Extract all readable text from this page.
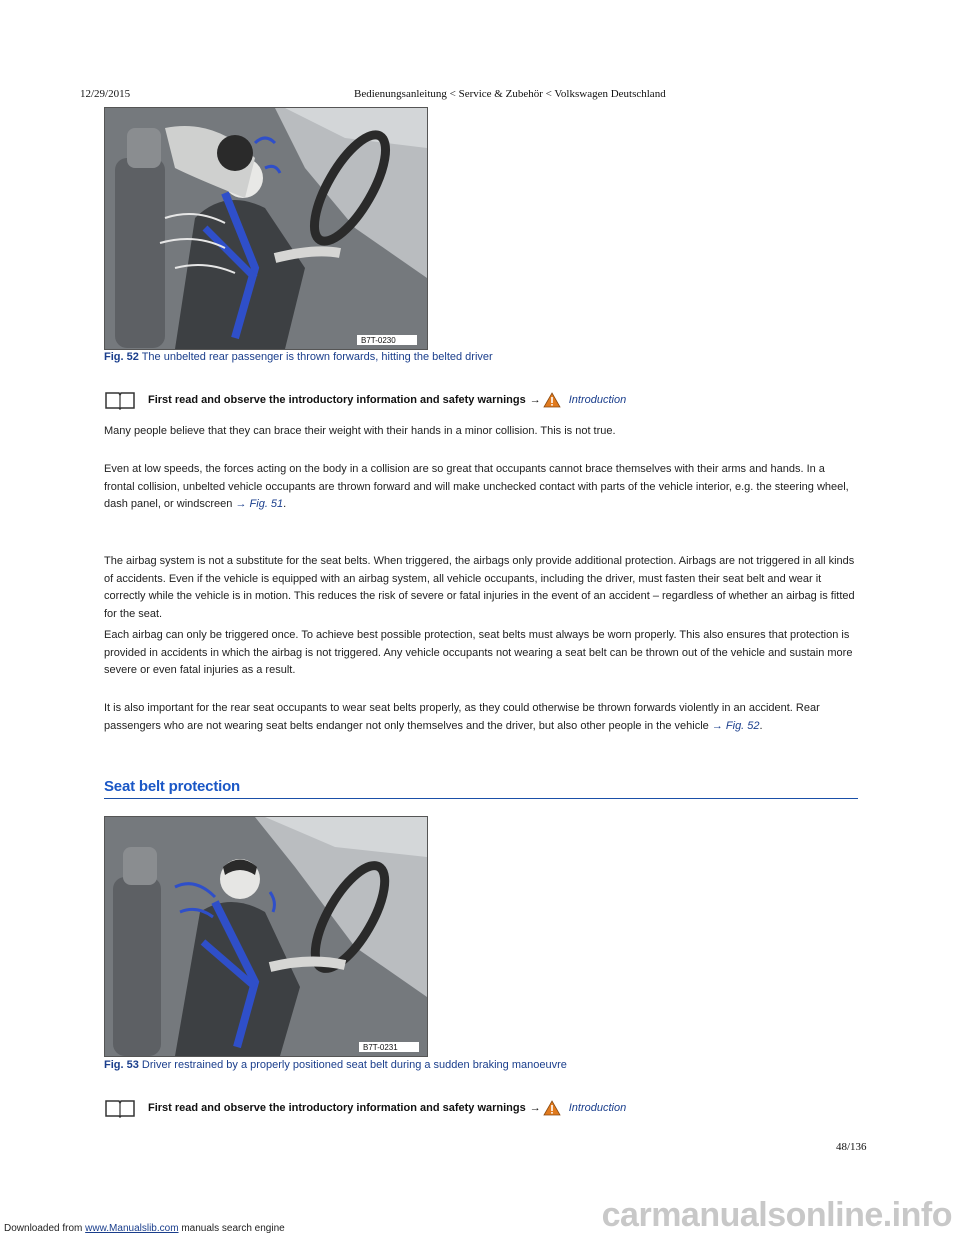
12/29/2015	Bedienungsanleitung < Service & Zubehör < Volkswagen Deutschland
B7T-0230
Fig. 52 The unbelted rear passenger is thrown forwards, hitting the belted driver
First read and observe the introductory information and safety warnings →	Introduction

Many people believe that they can brace their weight with their hands in a minor collision. This is not true.

Even at low speeds, the forces acting on the body in a collision are so great that occupants cannot brace themselves with their arms and hands. In a frontal collision, unbelted vehicle occupants are thrown forward and will make unchecked contact with parts of the vehicle interior, e.g. the steering wheel, dash panel, or windscreen → Fig. 51.

The airbag system is not a substitute for the seat belts. When triggered, the airbags only provide additional protection. Airbags are not triggered in all kinds of accidents. Even if the vehicle is equipped with an airbag system, all vehicle occupants, including the driver, must fasten their seat belt and wear it correctly while the vehicle is in motion. This reduces the risk of severe or fatal injuries in the event of an accident – regardless of whether an airbag is fitted for the seat.

Each airbag can only be triggered once. To achieve best possible protection, seat belts must always be worn properly. This also ensures that protection is provided in accidents in which the airbag is not triggered. Any vehicle occupants not wearing a seat belt can be thrown out of the vehicle and sustain more severe or even fatal injuries as a result.

It is also important for the rear seat occupants to wear seat belts properly, as they could otherwise be thrown forwards violently in an accident. Rear passengers who are not wearing seat belts endanger not only themselves and the driver, but also other people in the vehicle → Fig. 52.

Seat belt protection
B7T-0231
Fig. 53 Driver restrained by a properly positioned seat belt during a sudden braking manoeuvre
First read and observe the introductory information and safety warnings →	Introduction
48/136
carmanualsonline.info
Downloaded from www.Manualslib.com manuals search engine
